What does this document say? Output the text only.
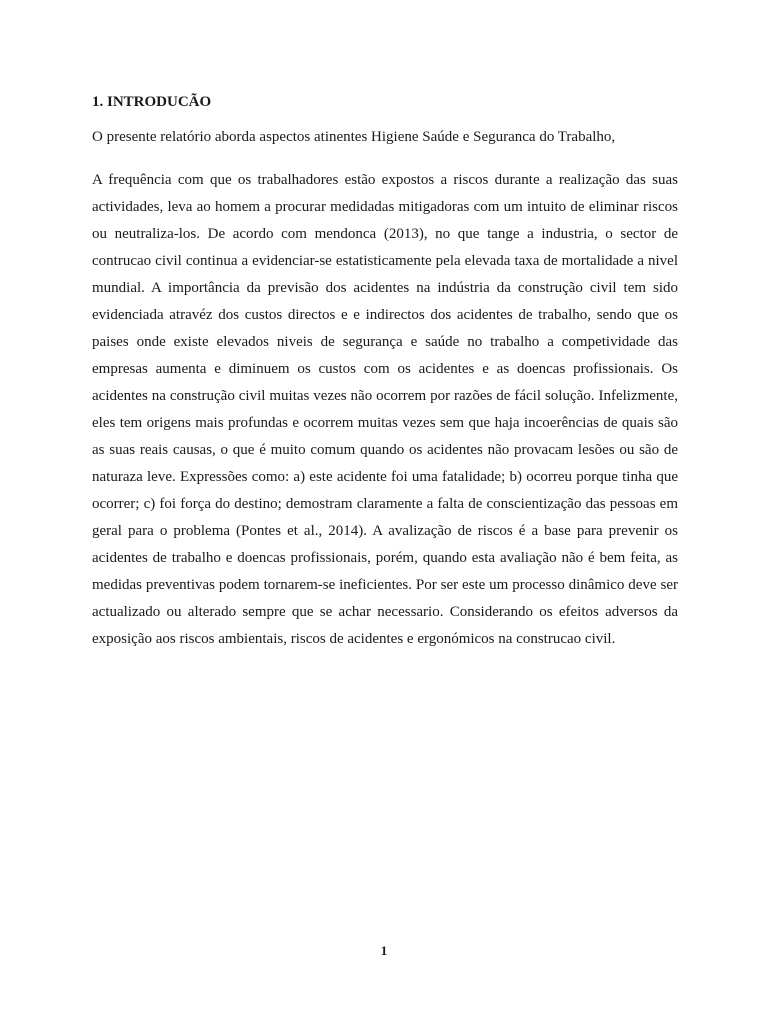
1. INTRODUCÃO

O presente relatório aborda aspectos atinentes Higiene Saúde e Seguranca do Trabalho,

A frequência com que os trabalhadores estão expostos a riscos durante a realização das suas actividades, leva ao homem a procurar medidadas mitigadoras com um intuito de eliminar riscos ou neutraliza-los. De acordo com mendonca (2013), no que tange a industria, o sector de contrucao civil continua a evidenciar-se estatisticamente pela elevada taxa de mortalidade a nivel mundial. A importância da previsão dos acidentes na indústria da construção civil tem sido evidenciada atravéz dos custos directos e e indirectos dos acidentes de trabalho, sendo que os paises onde existe elevados niveis de segurança e saúde no trabalho a competividade das empresas aumenta e diminuem os custos com os acidentes e as doencas profissionais. Os acidentes na construção civil muitas vezes não ocorrem por razões de fácil solução. Infelizmente, eles tem origens mais profundas e ocorrem muitas vezes sem que haja incoerências de quais são as suas reais causas, o que é muito comum quando os acidentes não provacam lesões ou são de naturaza leve. Expressões como: a) este acidente foi uma fatalidade; b) ocorreu porque tinha que ocorrer; c) foi força do destino; demostram claramente a falta de conscientização das pessoas em geral para o problema (Pontes et al., 2014). A avalização de riscos é a base para prevenir os acidentes de trabalho e doencas profissionais, porém, quando esta avaliação não é bem feita, as medidas preventivas podem tornarem-se ineficientes. Por ser este um processo dinâmico deve ser actualizado ou alterado sempre que se achar necessario. Considerando os efeitos adversos da exposição aos riscos ambientais, riscos de acidentes e ergonómicos na construcao civil.

1
